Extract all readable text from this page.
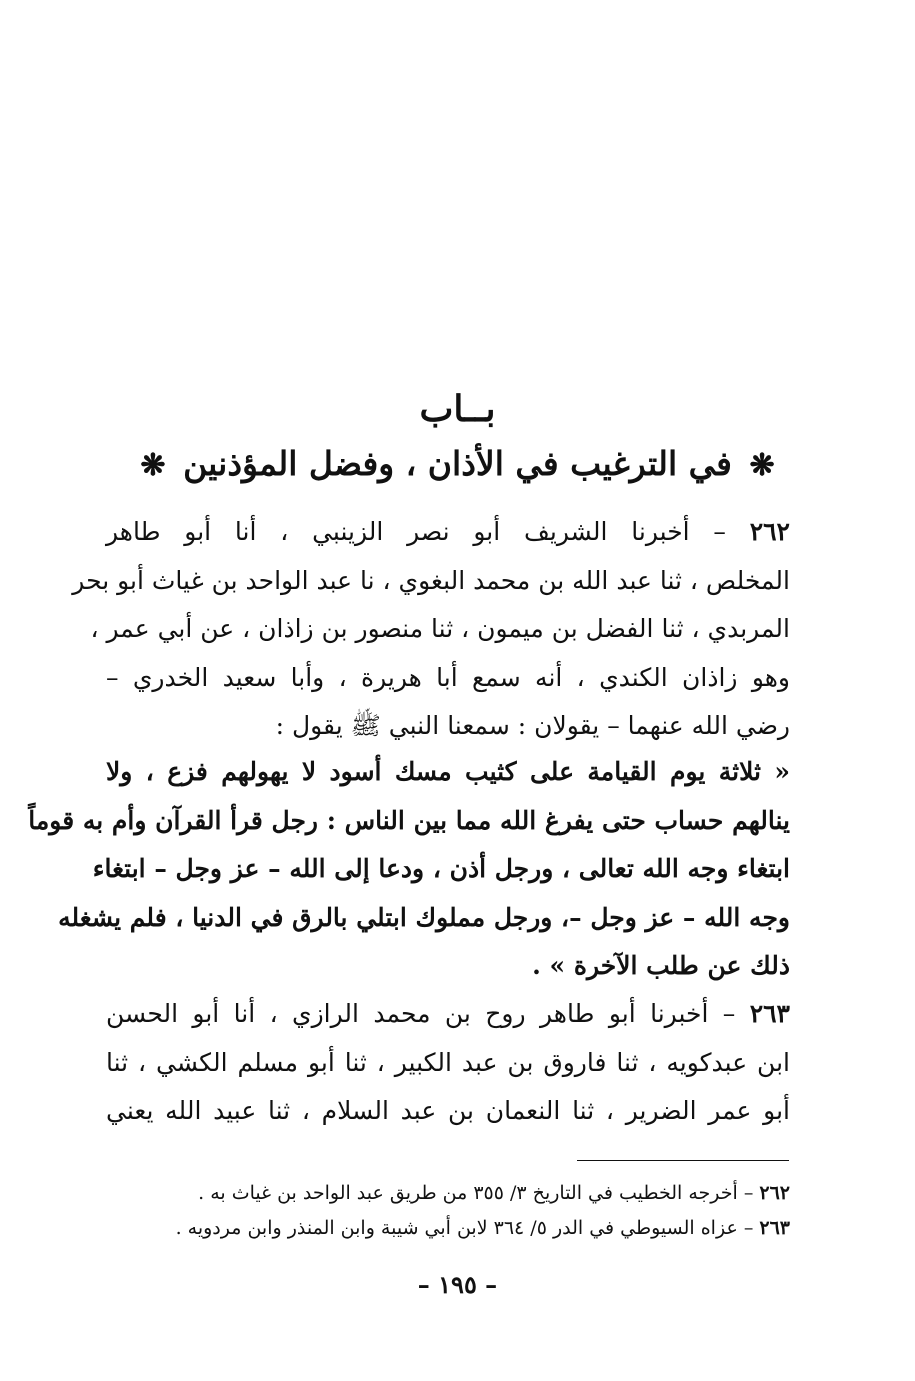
بــاب
❋ في الترغيب في الأذان ، وفضل المؤذنين ❋
٢٦٢ – أخبرنا الشريف أبو نصر الزينبي ، أنا أبو طاهر
المخلص ، ثنا عبد الله بن محمد البغوي ، نا عبد الواحد بن غياث أبو بحر
المربدي ، ثنا الفضل بن ميمون ، ثنا منصور بن زاذان ، عن أبي عمر ،
وهو زاذان الكندي ، أنه سمع أبا هريرة ، وأبا سعيد الخدري –
رضي الله عنهما – يقولان : سمعنا النبي ﷺ يقول :
« ثلاثة يوم القيامة على كثيب مسك أسود لا يهولهم فزع ، ولا
ينالهم حساب حتى يفرغ الله مما بين الناس : رجل قرأ القرآن وأم به قوماً
ابتغاء وجه الله تعالى ، ورجل أذن ، ودعا إلى الله – عز وجل – ابتغاء
وجه الله – عز وجل –، ورجل مملوك ابتلي بالرق في الدنيا ، فلم يشغله
ذلك عن طلب الآخرة » .
٢٦٣ – أخبرنا أبو طاهر روح بن محمد الرازي ، أنا أبو الحسن
ابن عبدكويه ، ثنا فاروق بن عبد الكبير ، ثنا أبو مسلم الكشي ، ثنا
أبو عمر الضرير ، ثنا النعمان بن عبد السلام ، ثنا عبيد الله يعني
٢٦٢ – أخرجه الخطيب في التاريخ ٣/ ٣٥٥ من طريق عبد الواحد بن غياث به .
٢٦٣ – عزاه السيوطي في الدر ٥/ ٣٦٤ لابن أبي شيبة وابن المنذر وابن مردويه .
– ١٩٥ –
